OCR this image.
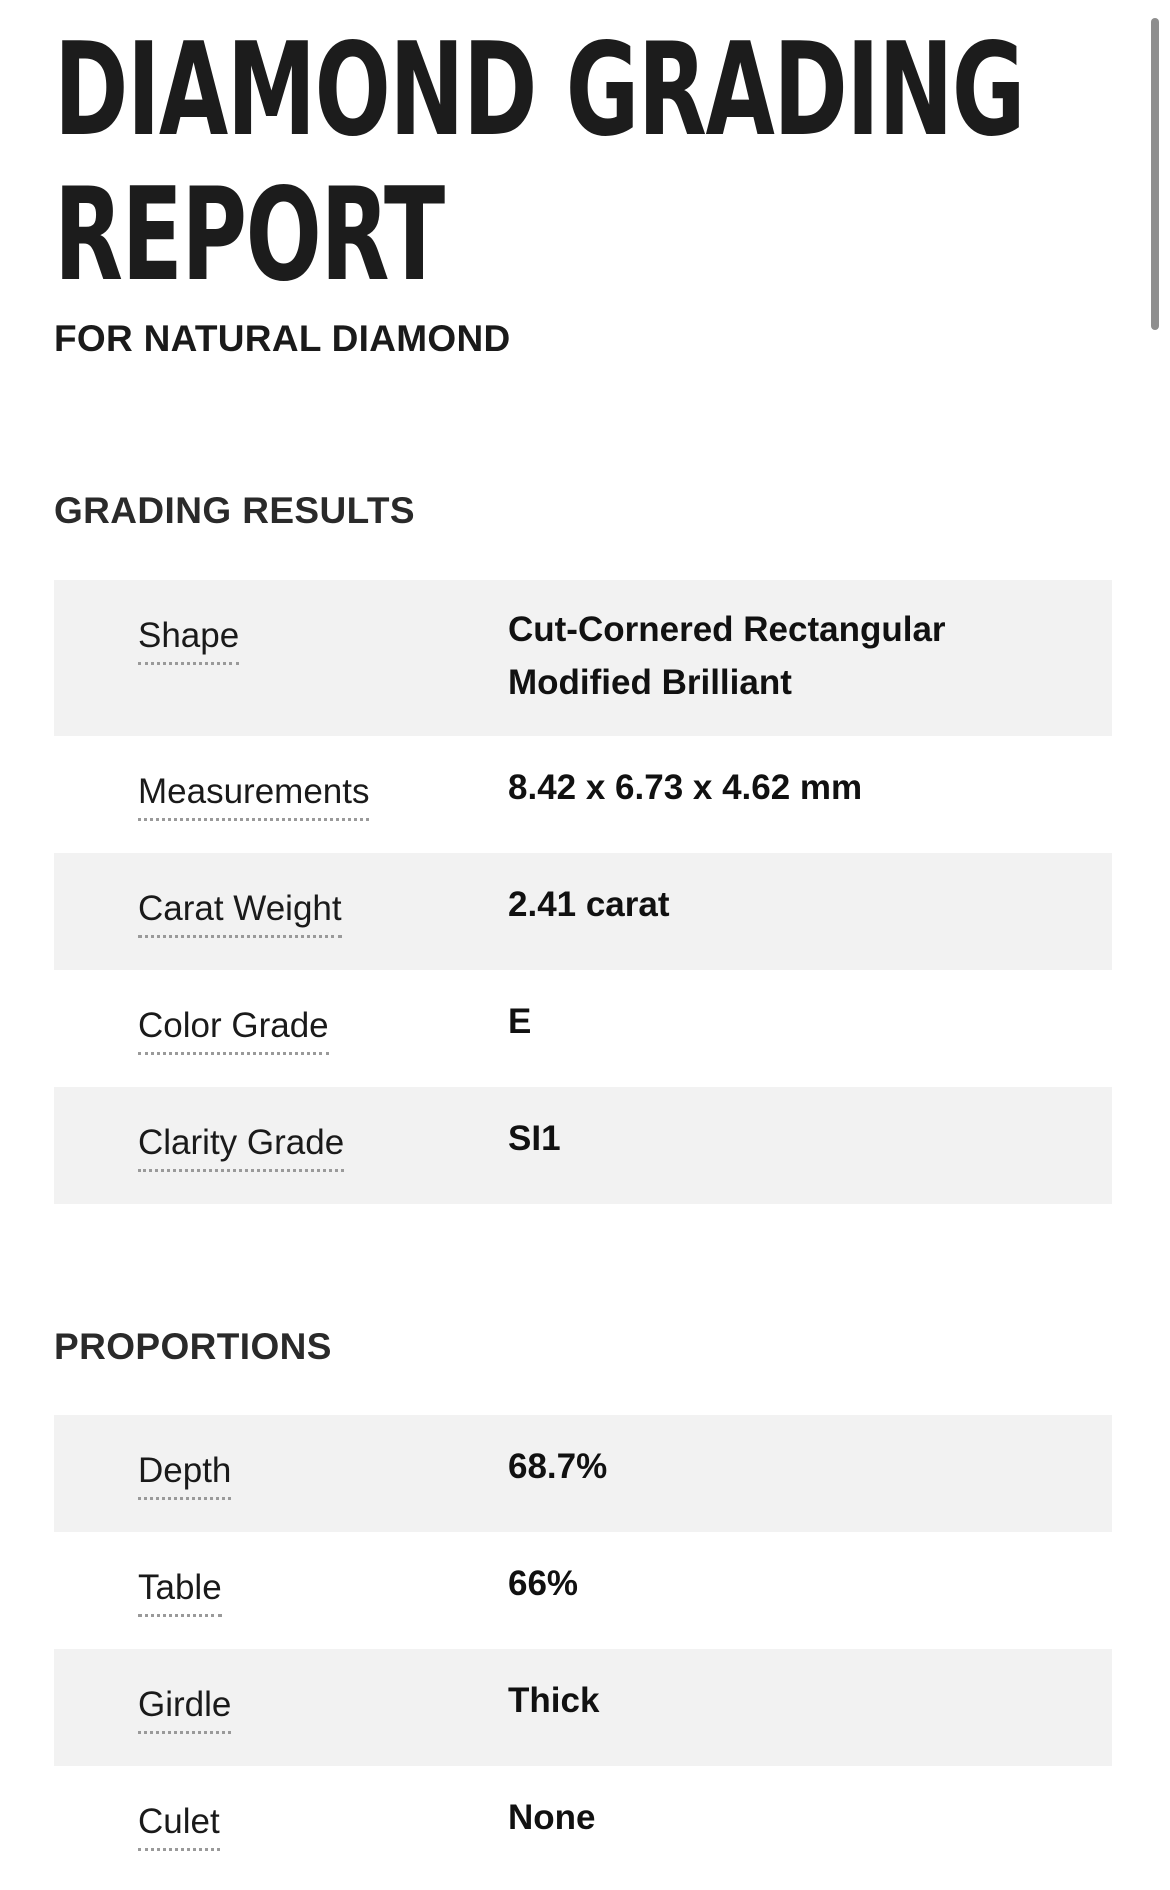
DIAMOND GRADING
REPORT
FOR NATURAL DIAMOND
GRADING RESULTS
Shape	Cut-Cornered Rectangular
Modified Brilliant
Measurements	8.42 x 6.73 x 4.62 mm
Carat Weight	2.41 carat
Color Grade	E
Clarity Grade	SI1
PROPORTIONS
Depth	68.7%
Table	66%
Girdle	Thick
Culet	None
